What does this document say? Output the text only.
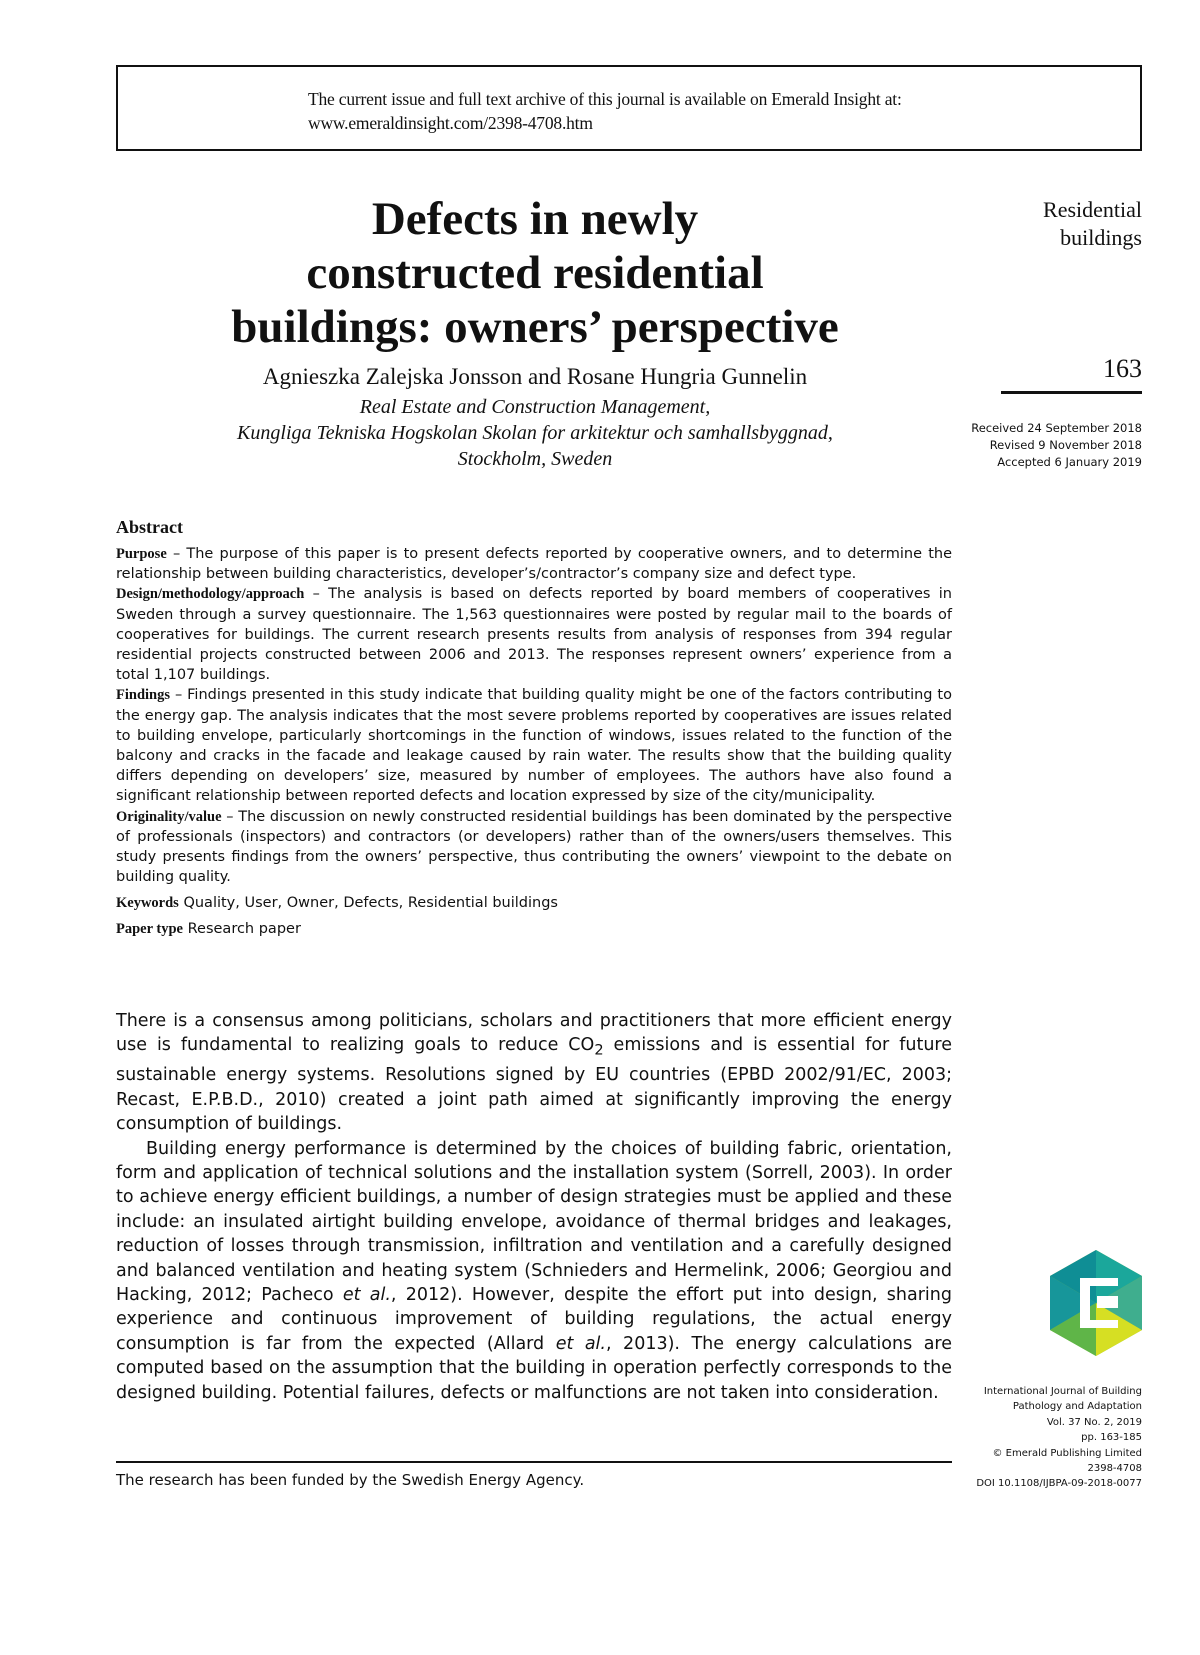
The current issue and full text archive of this journal is available on Emerald Insight at:
www.emeraldinsight.com/2398-4708.htm
Defects in newly
constructed residential
buildings: owners’ perspective
Agnieszka Zalejska Jonsson and Rosane Hungria Gunnelin
Real Estate and Construction Management,
Kungliga Tekniska Hogskolan Skolan for arkitektur och samhallsbyggnad,
Stockholm, Sweden
Residential
buildings
163
Received 24 September 2018
Revised 9 November 2018
Accepted 6 January 2019
Abstract

Purpose – The purpose of this paper is to present defects reported by cooperative owners, and to determine the relationship between building characteristics, developer’s/contractor’s company size and defect type.

Design/methodology/approach – The analysis is based on defects reported by board members of cooperatives in Sweden through a survey questionnaire. The 1,563 questionnaires were posted by regular mail to the boards of cooperatives for buildings. The current research presents results from analysis of responses from 394 regular residential projects constructed between 2006 and 2013. The responses represent owners’ experience from a total 1,107 buildings.

Findings – Findings presented in this study indicate that building quality might be one of the factors contributing to the energy gap. The analysis indicates that the most severe problems reported by cooperatives are issues related to building envelope, particularly shortcomings in the function of windows, issues related to the function of the balcony and cracks in the facade and leakage caused by rain water. The results show that the building quality differs depending on developers’ size, measured by number of employees. The authors have also found a significant relationship between reported defects and location expressed by size of the city/municipality.

Originality/value – The discussion on newly constructed residential buildings has been dominated by the perspective of professionals (inspectors) and contractors (or developers) rather than of the owners/users themselves. This study presents findings from the owners’ perspective, thus contributing the owners’ viewpoint to the debate on building quality.

Keywords Quality, User, Owner, Defects, Residential buildings

Paper type Research paper

There is a consensus among politicians, scholars and practitioners that more efficient energy use is fundamental to realizing goals to reduce $CO_2$ emissions and is essential for future sustainable energy systems. Resolutions signed by EU countries (EPBD 2002/91/EC, 2003; Recast, E.P.B.D., 2010) created a joint path aimed at significantly improving the energy consumption of buildings.

Building energy performance is determined by the choices of building fabric, orientation, form and application of technical solutions and the installation system (Sorrell, 2003). In order to achieve energy efficient buildings, a number of design strategies must be applied and these include: an insulated airtight building envelope, avoidance of thermal bridges and leakages, reduction of losses through transmission, infiltration and ventilation and a carefully designed and balanced ventilation and heating system (Schnieders and Hermelink, 2006; Georgiou and Hacking, 2012; Pacheco et al., 2012). However, despite the effort put into design, sharing experience and continuous improvement of building regulations, the actual energy consumption is far from the expected (Allard et al., 2013). The energy calculations are computed based on the assumption that the building in operation perfectly corresponds to the designed building. Potential failures, defects or malfunctions are not taken into consideration.

The research has been funded by the Swedish Energy Agency.
International Journal of Building
Pathology and Adaptation
Vol. 37 No. 2, 2019
pp. 163-185
© Emerald Publishing Limited
2398-4708
DOI 10.1108/IJBPA-09-2018-0077
